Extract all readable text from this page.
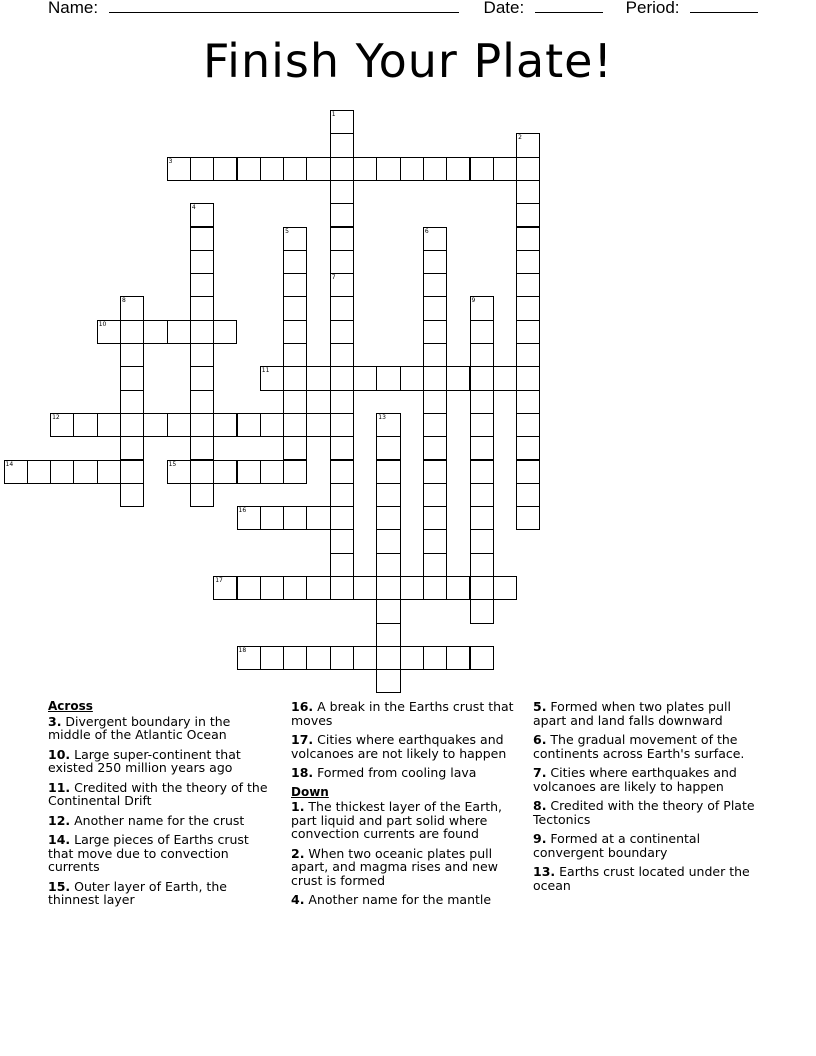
Name:	Date:	Period:
Finish Your Plate!
3
10
11
12
14	15
16
17
18
1
2
4
5	6
7
8	9
13
Across
3. Divergent boundary in the middle of the Atlantic Ocean
10. Large super-continent that existed 250 million years ago
11. Credited with the theory of the Continental Drift
12. Another name for the crust
14. Large pieces of Earths crust that move due to convection currents
15. Outer layer of Earth, the thinnest layer
16. A break in the Earths crust that moves
17. Cities where earthquakes and volcanoes are not likely to happen
18. Formed from cooling lava
Down
1. The thickest layer of the Earth, part liquid and part solid where convection currents are found
2. When two oceanic plates pull apart, and magma rises and new crust is formed
4. Another name for the mantle
5. Formed when two plates pull apart and land falls downward
6. The gradual movement of the continents across Earth's surface.
7. Cities where earthquakes and volcanoes are likely to happen
8. Credited with the theory of Plate Tectonics
9. Formed at a continental convergent boundary
13. Earths crust located under the ocean
